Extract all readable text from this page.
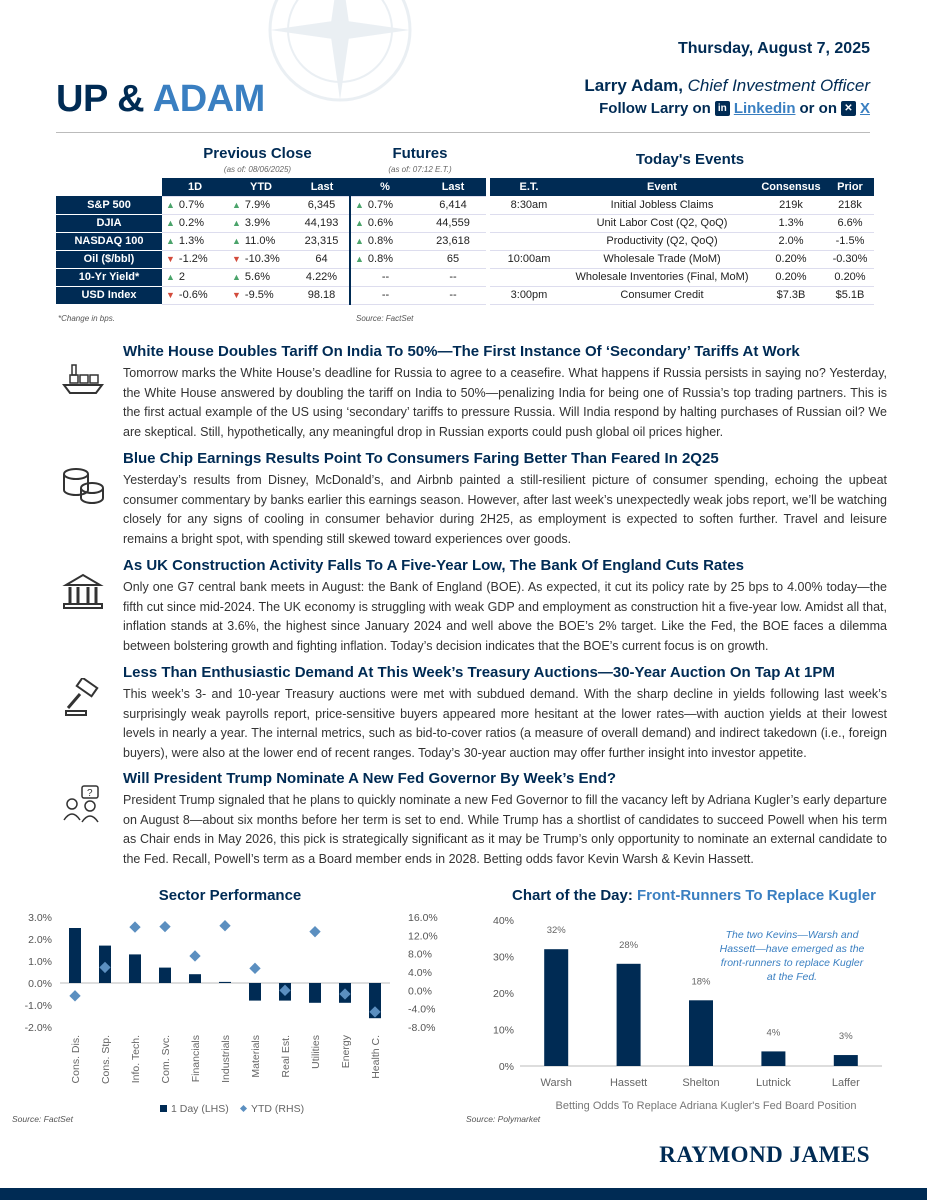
Thursday, August 7, 2025
UP & ADAM	Larry Adam, Chief Investment Officer
Follow Larry on in Linkedin or on ✕ X
Previous Close
(as of: 08/06/2025)
Futures
(as of: 07:12 E.T.)
	1D	YTD	Last	%	Last
S&P 500	▲ 0.7%	▲ 7.9%	6,345	▲ 0.7%	6,414
DJIA	▲ 0.2%	▲ 3.9%	44,193	▲ 0.6%	44,559
NASDAQ 100	▲ 1.3%	▲ 11.0%	23,315	▲ 0.8%	23,618
Oil ($/bbl)	▼ -1.2%	▼ -10.3%	64	▲ 0.8%	65
10-Yr Yield*	▲ 2	▲ 5.6%	4.22%	--	--
USD Index	▼ -0.6%	▼ -9.5%	98.18	--	--
*Change in bps.	Source: FactSet
Today's Events
E.T.	Event	Consensus	Prior
8:30am	Initial Jobless Claims	219k	218k
	Unit Labor Cost (Q2, QoQ)	1.3%	6.6%
	Productivity (Q2, QoQ)	2.0%	-1.5%
10:00am	Wholesale Trade (MoM)	0.20%	-0.30%
	Wholesale Inventories (Final, MoM)	0.20%	0.20%
3:00pm	Consumer Credit	$7.3B	$5.1B
White House Doubles Tariff On India To 50%—The First Instance Of ‘Secondary’ Tariffs At Work

Tomorrow marks the White House’s deadline for Russia to agree to a ceasefire. What happens if Russia persists in saying no? Yesterday, the White House answered by doubling the tariff on India to 50%—penalizing India for being one of Russia’s top trading partners. This is the first actual example of the US using ‘secondary’ tariffs to pressure Russia. Will India respond by halting purchases of Russian oil? We are skeptical. Still, hypothetically, any meaningful drop in Russian exports could push global oil prices higher.

Blue Chip Earnings Results Point To Consumers Faring Better Than Feared In 2Q25

Yesterday’s results from Disney, McDonald’s, and Airbnb painted a still-resilient picture of consumer spending, echoing the upbeat consumer commentary by banks earlier this earnings season. However, after last week’s unexpectedly weak jobs report, we’ll be watching closely for any signs of cooling in consumer behavior during 2H25, as employment is expected to soften further. Travel and leisure remains a bright spot, with spending still skewed toward experiences over goods.

As UK Construction Activity Falls To A Five-Year Low, The Bank Of England Cuts Rates

Only one G7 central bank meets in August: the Bank of England (BOE). As expected, it cut its policy rate by 25 bps to 4.00% today—the fifth cut since mid-2024. The UK economy is struggling with weak GDP and employment as construction hit a five-year low. Amidst all that, inflation stands at 3.6%, the highest since January 2024 and well above the BOE’s 2% target. Like the Fed, the BOE faces a dilemma between bolstering growth and fighting inflation. Today’s decision indicates that the BOE’s current focus is on growth.

Less Than Enthusiastic Demand At This Week’s Treasury Auctions—30-Year Auction On Tap At 1PM

This week’s 3- and 10-year Treasury auctions were met with subdued demand. With the sharp decline in yields following last week’s surprisingly weak payrolls report, price-sensitive buyers appeared more hesitant at the lower rates—with auction yields at their lowest levels in nearly a year. The internal metrics, such as bid-to-cover ratios (a measure of overall demand) and indirect takedown (i.e., foreign buyers), were also at the lower end of recent ranges. Today’s 30-year auction may offer further insight into investor appetite.

?
Will President Trump Nominate A New Fed Governor By Week’s End?

President Trump signaled that he plans to quickly nominate a new Fed Governor to fill the vacancy left by Adriana Kugler’s early departure on August 8—about six months before her term is set to end. While Trump has a shortlist of candidates to succeed Powell when his term as Chair ends in May 2026, this pick is strategically significant as it may be Trump’s only opportunity to nominate an external candidate to the Fed. Recall, Powell’s term as a Board member ends in 2028. Betting odds favor Kevin Warsh & Kevin Hassett.

Sector Performance	Chart of the Day: Front-Runners To Replace Kugler
3.0%
2.0%
1.0%
0.0%
-1.0%
-2.0%
16.0%
12.0%
8.0%
4.0%
0.0%
-4.0%
-8.0%
Cons. Dis. Cons. Stp. Info. Tech. Com. Svc. Financials Industrials Materials Real Est. Utilities Energy Health C.
1 Day (LHS) YTD (RHS)
40%
30%
20%
10%
0%
32%
Warsh
28%
Hassett
18%
Shelton
4%
Lutnick
3%
Laffer
Betting Odds To Replace Adriana Kugler's Fed Board Position
The two Kevins—Warsh and Hassett—have emerged as the front-runners to replace Kugler at the Fed.
Source: FactSet	Source: Polymarket
RAYMOND JAMES
